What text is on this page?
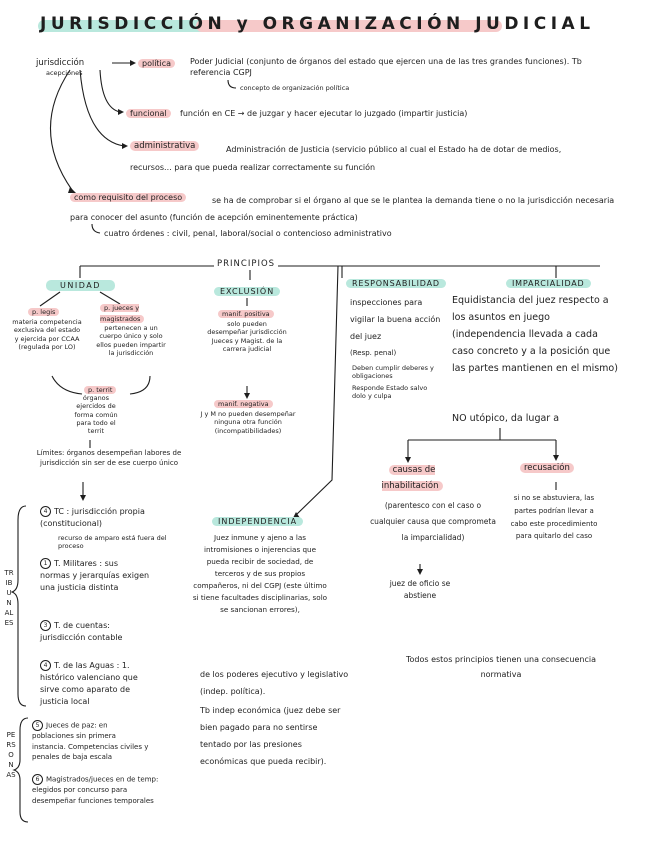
JURISDICCIÓN y ORGANIZACIÓN JUDICIAL
jurisdicción
acepciones
política	Poder Judicial (conjunto de órganos del estado que ejercen una de las tres grandes funciones). Tb referencia CGPJ
concepto de organización política
funcional	función en CE → de juzgar y hacer ejecutar lo juzgado (impartir justicia)
administrativa	Administración de Justicia (servicio público al cual el Estado ha de dotar de medios, recursos... para que pueda realizar correctamente su función
como requisito del proceso	se ha de comprobar si el órgano al que se le plantea la demanda tiene o no la jurisdicción necesaria para conocer del asunto (función de acepción eminentemente práctica)
cuatro órdenes : civil, penal, laboral/social o contencioso administrativo
PRINCIPIOS
UNIDAD
p. legis
materia competencia exclusiva del estado y ejercida por CCAA (regulada por LO)
p. jueces y magistrados
pertenecen a un cuerpo único y solo ellos pueden impartir la jurisdicción
p. territ
órganos ejercidos de forma común para todo el territ
Límites: órganos desempeñan labores de jurisdicción sin ser de ese cuerpo único
EXCLUSIÓN
manif. positiva
solo pueden desempeñar jurisdicción Jueces y Magist. de la carrera judicial
manif. negativa
J y M no pueden desempeñar ninguna otra función (incompatibilidades)
RESPONSABILIDAD
inspecciones para vigilar la buena acción del juez
(Resp. penal)
Deben cumplir deberes y obligaciones
Responde Estado salvo dolo y culpa
IMPARCIALIDAD
Equidistancia del juez respecto a los asuntos en juego (independencia llevada a cada caso concreto y a la posición que las partes mantienen en el mismo)
NO utópico, da lugar a
causas de inhabilitación
(parentesco con el caso o cualquier causa que comprometa la imparcialidad)
juez de oficio se abstiene
recusación
si no se abstuviera, las partes podrían llevar a cabo este procedimiento para quitarlo del caso
INDEPENDENCIA
Juez inmune y ajeno a las intromisiones o injerencias que pueda recibir de sociedad, de terceros y de sus propios compañeros, ni del CGPJ (este último si tiene facultades disciplinarias, solo se sancionan errores),
de los poderes ejecutivo y legislativo (indep. política).
Tb indep económica (juez debe ser bien pagado para no sentirse tentado por las presiones económicas que pueda recibir).
Todos estos principios tienen una consecuencia normativa
TRIBUNALES
4 TC : jurisdicción propia (constitucional)
recurso de amparo está fuera del proceso
1 T. Militares : sus normas y jerarquías exigen una justicia distinta
3 T. de cuentas: jurisdicción contable
4 T. de las Aguas : 1. histórico valenciano que sirve como aparato de justicia local
PERSONAS
5 Jueces de paz: en poblaciones sin primera instancia. Competencias civiles y penales de baja escala
6 Magistrados/jueces en de temp: elegidos por concurso para desempeñar funciones temporales
